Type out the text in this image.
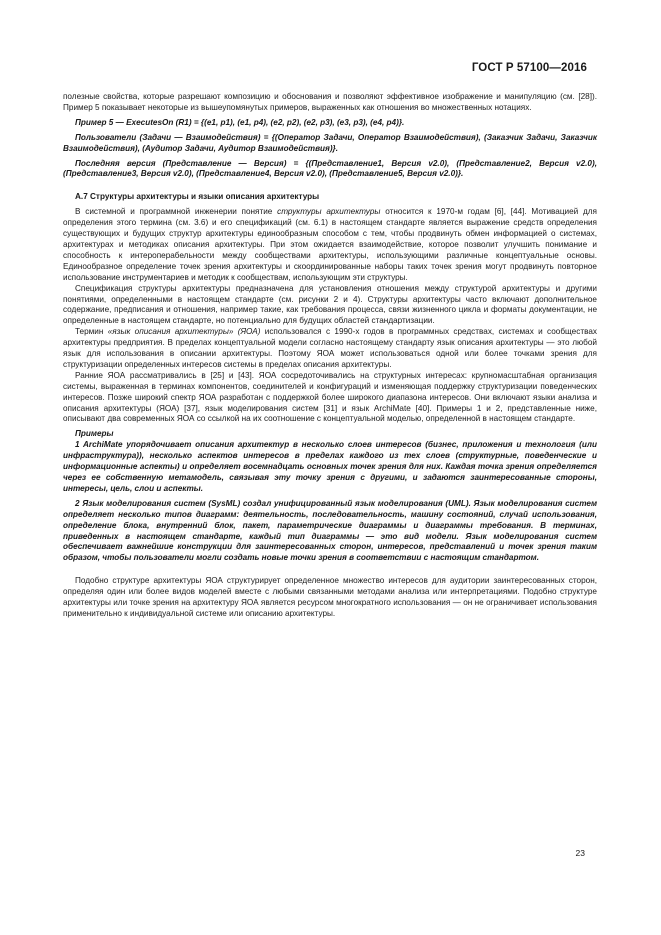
ГОСТ Р 57100—2016

полезные свойства, которые разрешают композицию и обоснования и позволяют эффективное изображение и манипуляцию (см. [28]). Пример 5 показывает некоторые из вышеупомянутых примеров, выраженных как отношения во множественных нотациях.

Пример 5 — ExecutesOn (R1) = {(e1, p1), (e1, p4), (e2, p2), (e2, p3), (e3, p3), (e4, p4)}.

Пользователи (Задачи — Взаимодействия) = {(Оператор Задачи, Оператор Взаимодействия), (Заказчик Задачи, Заказчик Взаимодействия), (Аудитор Задачи, Аудитор Взаимодействия)}.

Последняя версия (Представление — Версия) = {(Представление1, Версия v2.0), (Представление2, Версия v2.0), (Представление3, Версия v2.0), (Представление4, Версия v2.0), (Представление5, Версия v2.0)}.

А.7 Структуры архитектуры и языки описания архитектуры

В системной и программной инженерии понятие структуры архитектуры относится к 1970-м годам [6], [44]. Мотивацией для определения этого термина (см. 3.6) и его спецификаций (см. 6.1) в настоящем стандарте является выражение средств определения существующих и будущих структур архитектуры единообразным способом с тем, чтобы продвинуть обмен информацией о системах, архитектурах и методиках описания архитектуры. При этом ожидается взаимодействие, которое позволит улучшить понимание и способность к интероперабельности между сообществами архитектуры, использующими различные концептуальные основы. Единообразное определение точек зрения архитектуры и скоординированные наборы таких точек зрения могут продвинуть повторное использование инструментариев и методик к сообществам, использующим эти структуры.

Спецификация структуры архитектуры предназначена для установления отношения между структурой архитектуры и другими понятиями, определенными в настоящем стандарте (см. рисунки 2 и 4). Структуры архитектуры часто включают дополнительное содержание, предписания и отношения, например такие, как требования процесса, связи жизненного цикла и форматы документации, не определенные в настоящем стандарте, но потенциально для будущих областей стандартизации.

Термин «язык описания архитектуры» (ЯОА) использовался с 1990-х годов в программных средствах, системах и сообществах архитектуры предприятия. В пределах концептуальной модели согласно настоящему стандарту язык описания архитектуры — это любой язык для использования в описании архитектуры. Поэтому ЯОА может использоваться одной или более точками зрения для структуризации определенных интересов системы в пределах описания архитектуры.

Ранние ЯОА рассматривались в [25] и [43]. ЯОА сосредоточивались на структурных интересах: крупномасштабная организация системы, выраженная в терминах компонентов, соединителей и конфигураций и изменяющая поддержку структуризации поведенческих интересов. Позже широкий спектр ЯОА разработан с поддержкой более широкого диапазона интересов. Они включают языки анализа и описания архитектуры (ЯОА) [37], язык моделирования систем [31] и язык ArchiMate [40]. Примеры 1 и 2, представленные ниже, описывают два современных ЯОА со ссылкой на их соотношение с концептуальной моделью, определенной в настоящем стандарте.

Примеры

1 ArchiMate упорядочивает описания архитектур в несколько слоев интересов (бизнес, приложения и технология (или инфраструктура)), несколько аспектов интересов в пределах каждого из тех слоев (структурные, поведенческие и информационные аспекты) и определяет восемнадцать основных точек зрения для них. Каждая точка зрения определяется через ее собственную метамодель, связывая эту точку зрения с другими, и задаются заинтересованные стороны, интересы, цель, слои и аспекты.

2 Язык моделирования систем (SysML) создал унифицированный язык моделирования (UML). Язык моделирования систем определяет несколько типов диаграмм: деятельность, последовательность, машину состояний, случай использования, определение блока, внутренний блок, пакет, параметрические диаграммы и диаграммы требования. В терминах, приведенных в настоящем стандарте, каждый тип диаграммы — это вид модели. Язык моделирования систем обеспечивает важнейшие конструкции для заинтересованных сторон, интересов, представлений и точек зрения таким образом, чтобы пользователи могли создать новые точки зрения в соответствии с настоящим стандартом.

Подобно структуре архитектуры ЯОА структурирует определенное множество интересов для аудитории заинтересованных сторон, определяя один или более видов моделей вместе с любыми связанными методами анализа или интерпретациями. Подобно структуре архитектуры или точке зрения на архитектуру ЯОА является ресурсом многократного использования — он не ограничивает использования применительно к индивидуальной системе или описанию архитектуры.

23
